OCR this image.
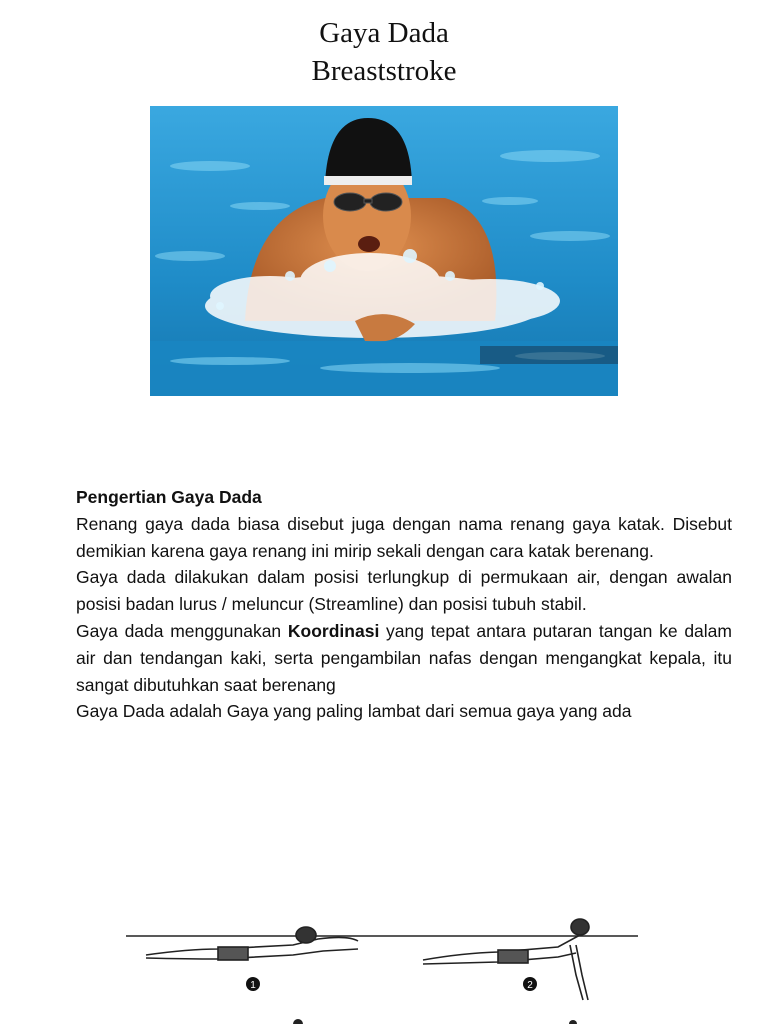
Gaya Dada
Breaststroke

Pengertian Gaya Dada

Renang gaya dada biasa disebut juga dengan nama renang gaya katak. Disebut demikian karena gaya renang ini mirip sekali dengan cara katak berenang.

Gaya dada dilakukan dalam posisi terlungkup di permukaan air, dengan awalan posisi badan lurus / meluncur (Streamline) dan posisi tubuh stabil.

Gaya dada menggunakan Koordinasi yang tepat antara putaran tangan ke dalam air dan tendangan kaki, serta pengambilan nafas dengan mengangkat kepala, itu sangat dibutuhkan saat berenang

Gaya Dada adalah Gaya yang paling lambat dari semua gaya yang ada

1	2
